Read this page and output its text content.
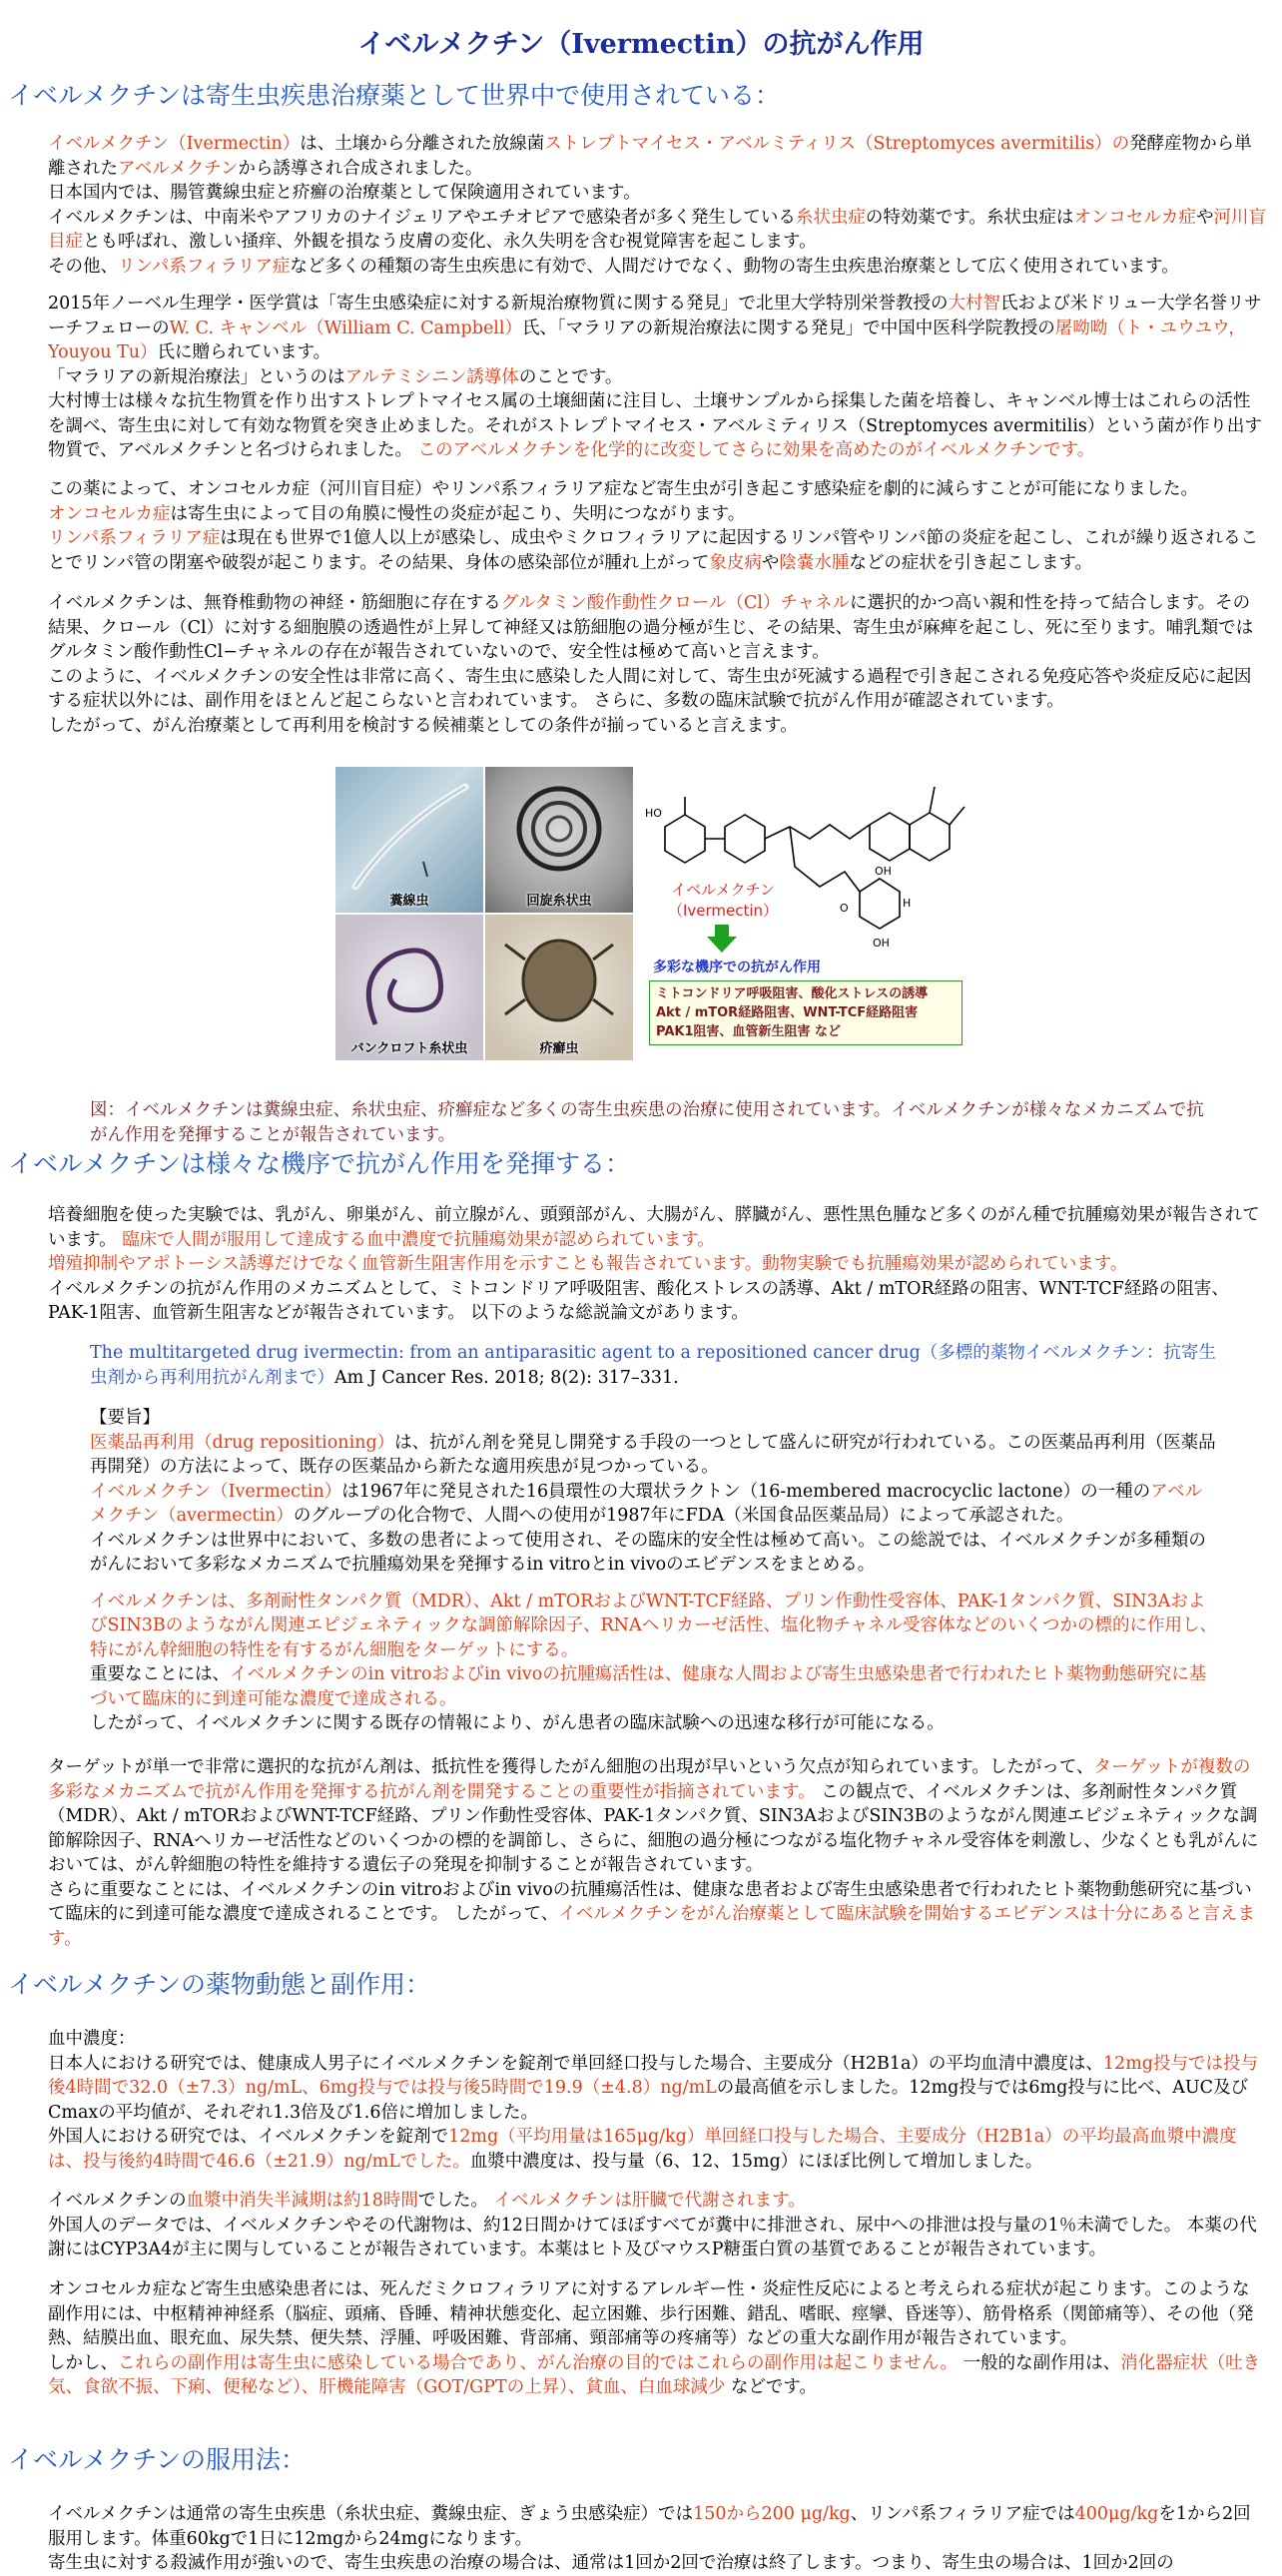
イベルメクチン（Ivermectin）の抗がん作用
イベルメクチンは寄生虫疾患治療薬として世界中で使用されている：

イベルメクチン（Ivermectin）は、土壌から分離された放線菌ストレプトマイセス・アベルミティリス（Streptomyces avermitilis）の発酵産物から単離されたアベルメクチンから誘導され合成されました。
日本国内では、腸管糞線虫症と疥癬の治療薬として保険適用されています。
イベルメクチンは、中南米やアフリカのナイジェリアやエチオピアで感染者が多く発生している糸状虫症の特効薬です。糸状虫症はオンコセルカ症や河川盲目症とも呼ばれ、激しい掻痒、外観を損なう皮膚の変化、永久失明を含む視覚障害を起こします。
その他、リンパ系フィラリア症など多くの種類の寄生虫疾患に有効で、人間だけでなく、動物の寄生虫疾患治療薬として広く使用されています。

2015年ノーベル生理学・医学賞は「寄生虫感染症に対する新規治療物質に関する発見」で北里大学特別栄誉教授の大村智氏および米ドリュー大学名誉リサーチフェローのW. C. キャンベル（William C. Campbell）氏、「マラリアの新規治療法に関する発見」で中国中医科学院教授の屠呦呦（ト・ユウユウ，Youyou Tu）氏に贈られています。
「マラリアの新規治療法」というのはアルテミシニン誘導体のことです。
大村博士は様々な抗生物質を作り出すストレプトマイセス属の土壌細菌に注目し、土壌サンプルから採集した菌を培養し、キャンベル博士はこれらの活性を調べ、寄生虫に対して有効な物質を突き止めました。それがストレプトマイセス・アベルミティリス（Streptomyces avermitilis）という菌が作り出す物質で、アベルメクチンと名づけられました。 このアベルメクチンを化学的に改変してさらに効果を高めたのがイベルメクチンです。

この薬によって、オンコセルカ症（河川盲目症）やリンパ系フィラリア症など寄生虫が引き起こす感染症を劇的に減らすことが可能になりました。
オンコセルカ症は寄生虫によって目の角膜に慢性の炎症が起こり、失明につながります。
リンパ系フィラリア症は現在も世界で1億人以上が感染し、成虫やミクロフィラリアに起因するリンパ管やリンパ節の炎症を起こし、これが繰り返されることでリンパ管の閉塞や破裂が起こります。その結果、身体の感染部位が腫れ上がって象皮病や陰嚢水腫などの症状を引き起こします。

イベルメクチンは、無脊椎動物の神経・筋細胞に存在するグルタミン酸作動性クロール（Cl）チャネルに選択的かつ高い親和性を持って結合します。その結果、クロール（Cl）に対する細胞膜の透過性が上昇して神経又は筋細胞の過分極が生じ、その結果、寄生虫が麻痺を起こし、死に至ります。哺乳類ではグルタミン酸作動性Cl−チャネルの存在が報告されていないので、安全性は極めて高いと言えます。
このように、イベルメクチンの安全性は非常に高く、寄生虫に感染した人間に対して、寄生虫が死滅する過程で引き起こされる免疫応答や炎症反応に起因する症状以外には、副作用をほとんど起こらないと言われています。 さらに、多数の臨床試験で抗がん作用が確認されています。
したがって、がん治療薬として再利用を検討する候補薬としての条件が揃っていると言えます。

糞線虫	回旋糸状虫
バンクロフト糸状虫	疥癬虫
HO
O
OH
H
OH
イベルメクチン
（Ivermectin）
多彩な機序での抗がん作用
ミトコンドリア呼吸阻害、酸化ストレスの誘導
Akt / mTOR経路阻害、WNT-TCF経路阻害
PAK1阻害、血管新生阻害 など
図：イベルメクチンは糞線虫症、糸状虫症、疥癬症など多くの寄生虫疾患の治療に使用されています。イベルメクチンが様々なメカニズムで抗がん作用を発揮することが報告されています。
イベルメクチンは様々な機序で抗がん作用を発揮する：

培養細胞を使った実験では、乳がん、卵巣がん、前立腺がん、頭頸部がん、大腸がん、膵臓がん、悪性黒色腫など多くのがん種で抗腫瘍効果が報告されています。 臨床で人間が服用して達成する血中濃度で抗腫瘍効果が認められています。
増殖抑制やアポトーシス誘導だけでなく血管新生阻害作用を示すことも報告されています。動物実験でも抗腫瘍効果が認められています。
イベルメクチンの抗がん作用のメカニズムとして、ミトコンドリア呼吸阻害、酸化ストレスの誘導、Akt / mTOR経路の阻害、WNT-TCF経路の阻害、PAK-1阻害、血管新生阻害などが報告されています。 以下のような総説論文があります。

The multitargeted drug ivermectin: from an antiparasitic agent to a repositioned cancer drug（多標的薬物イベルメクチン：抗寄生虫剤から再利用抗がん剤まで）Am J Cancer Res. 2018; 8(2): 317–331.

【要旨】

医薬品再利用（drug repositioning）は、抗がん剤を発見し開発する手段の一つとして盛んに研究が行われている。この医薬品再利用（医薬品再開発）の方法によって、既存の医薬品から新たな適用疾患が見つかっている。
イベルメクチン（Ivermectin）は1967年に発見された16員環性の大環状ラクトン（16-membered macrocyclic lactone）の一種のアベルメクチン（avermectin）のグループの化合物で、人間への使用が1987年にFDA（米国食品医薬品局）によって承認された。
イベルメクチンは世界中において、多数の患者によって使用され、その臨床的安全性は極めて高い。この総説では、イベルメクチンが多種類のがんにおいて多彩なメカニズムで抗腫瘍効果を発揮するin vitroとin vivoのエビデンスをまとめる。

イベルメクチンは、多剤耐性タンパク質（MDR）、Akt / mTORおよびWNT-TCF経路、プリン作動性受容体、PAK-1タンパク質、SIN3AおよびSIN3Bのようながん関連エピジェネティックな調節解除因子、RNAヘリカーゼ活性、塩化物チャネル受容体などのいくつかの標的に作用し、特にがん幹細胞の特性を有するがん細胞をターゲットにする。
重要なことには、イベルメクチンのin vitroおよびin vivoの抗腫瘍活性は、健康な人間および寄生虫感染患者で行われたヒト薬物動態研究に基づいて臨床的に到達可能な濃度で達成される。
したがって、イベルメクチンに関する既存の情報により、がん患者の臨床試験への迅速な移行が可能になる。

ターゲットが単一で非常に選択的な抗がん剤は、抵抗性を獲得したがん細胞の出現が早いという欠点が知られています。したがって、ターゲットが複数の多彩なメカニズムで抗がん作用を発揮する抗がん剤を開発することの重要性が指摘されています。 この観点で、イベルメクチンは、多剤耐性タンパク質（MDR）、Akt / mTORおよびWNT-TCF経路、プリン作動性受容体、PAK-1タンパク質、SIN3AおよびSIN3Bのようながん関連エピジェネティックな調節解除因子、RNAヘリカーゼ活性などのいくつかの標的を調節し、さらに、細胞の過分極につながる塩化物チャネル受容体を刺激し、少なくとも乳がんにおいては、がん幹細胞の特性を維持する遺伝子の発現を抑制することが報告されています。
さらに重要なことには、イベルメクチンのin vitroおよびin vivoの抗腫瘍活性は、健康な患者および寄生虫感染患者で行われたヒト薬物動態研究に基づいて臨床的に到達可能な濃度で達成されることです。 したがって、イベルメクチンをがん治療薬として臨床試験を開始するエビデンスは十分にあると言えます。

イベルメクチンの薬物動態と副作用：

血中濃度：
日本人における研究では、健康成人男子にイベルメクチンを錠剤で単回経口投与した場合、主要成分（H2B1a）の平均血清中濃度は、12mg投与では投与後4時間で32.0（±7.3）ng/mL、6mg投与では投与後5時間で19.9（±4.8）ng/mLの最高値を示しました。12mg投与では6mg投与に比べ、AUC及びCmaxの平均値が、それぞれ1.3倍及び1.6倍に増加しました。
外国人における研究では、イベルメクチンを錠剤で12mg（平均用量は165μg/kg）単回経口投与した場合、主要成分（H2B1a）の平均最高血漿中濃度は、投与後約4時間で46.6（±21.9）ng/mLでした。血漿中濃度は、投与量（6、12、15mg）にほぼ比例して増加しました。

イベルメクチンの血漿中消失半減期は約18時間でした。 イベルメクチンは肝臓で代謝されます。
外国人のデータでは、イベルメクチンやその代謝物は、約12日間かけてほぼすべてが糞中に排泄され、尿中への排泄は投与量の1％未満でした。 本薬の代謝にはCYP3A4が主に関与していることが報告されています。本薬はヒト及びマウスP糖蛋白質の基質であることが報告されています。

オンコセルカ症など寄生虫感染患者には、死んだミクロフィラリアに対するアレルギー性・炎症性反応によると考えられる症状が起こります。このような副作用には、中枢精神神経系（脳症、頭痛、昏睡、精神状態変化、起立困難、歩行困難、錯乱、嗜眠、痙攣、昏迷等）、筋骨格系（関節痛等）、その他（発熱、結膜出血、眼充血、尿失禁、便失禁、浮腫、呼吸困難、背部痛、頸部痛等の疼痛等）などの重大な副作用が報告されています。
しかし、これらの副作用は寄生虫に感染している場合であり、がん治療の目的ではこれらの副作用は起こりません。 一般的な副作用は、消化器症状（吐き気、食欲不振、下痢、便秘など）、肝機能障害（GOT/GPTの上昇）、貧血、白血球減少 などです。

イベルメクチンの服用法：

イベルメクチンは通常の寄生虫疾患（糸状虫症、糞線虫症、ぎょう虫感染症）では150から200 μg/kg、リンパ系フィラリア症では400μg/kgを1から2回服用します。体重60kgで1日に12mgから24mgになります。
寄生虫に対する殺滅作用が強いので、寄生虫疾患の治療の場合は、通常は1回か2回で治療は終了します。つまり、寄生虫の場合は、1回か2回の
